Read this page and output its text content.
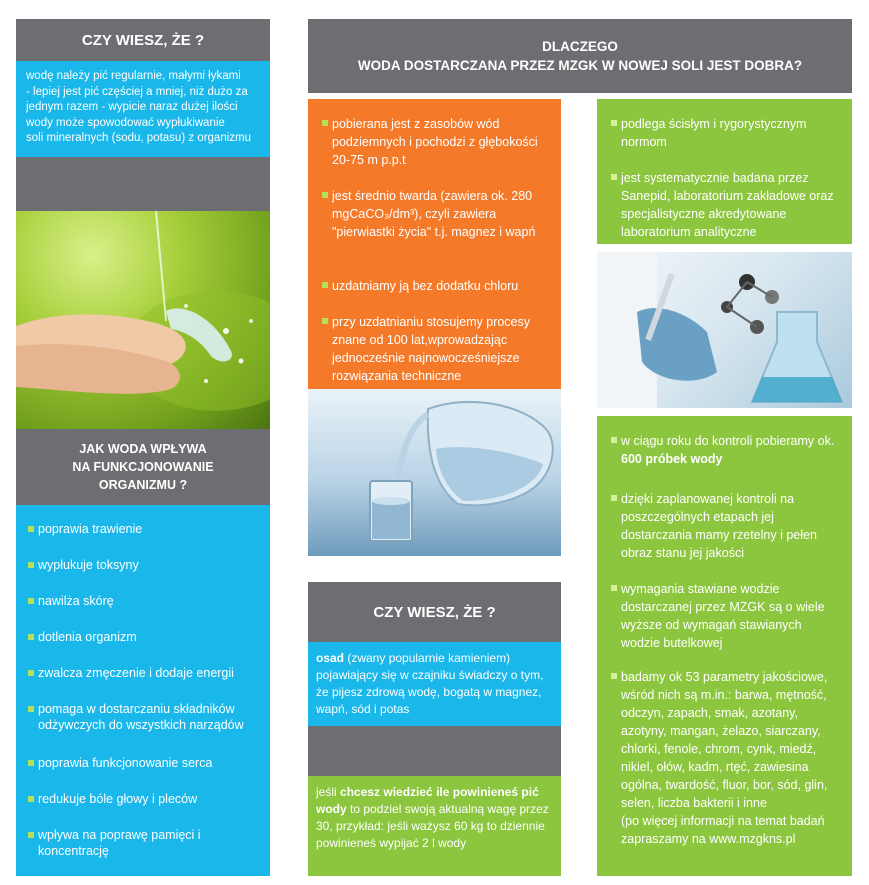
CZY WIESZ, ŻE ?
wodę należy pić regularnie, małymi łykami
- lepiej jest pić częściej a mniej, niż dużo za
jednym razem - wypicie naraz dużej ilości
wody może spowodować wypłukiwanie
soli mineralnych (sodu, potasu) z organizmu
JAK WODA WPŁYWA
NA FUNKCJONOWANIE
ORGANIZMU ?
poprawia trawienie
wypłukuje toksyny
nawilża skórę
dotlenia organizm
zwalcza zmęczenie i dodaje energii
pomaga w dostarczaniu składników odżywczych do wszystkich narządów
poprawia funkcjonowanie serca
redukuje bóle głowy i pleców
wpływa na poprawę pamięci i koncentrację
DLACZEGO
WODA DOSTARCZANA PRZEZ MZGK W NOWEJ SOLI JEST DOBRA?
pobierana jest z zasobów wód podziemnych i pochodzi z głębokości 20-75 m p.p.t
jest średnio twarda (zawiera ok. 280 mgCaCO₃/dm³), czyli zawiera "pierwiastki życia" t.j. magnez i wapń
uzdatniamy ją bez dodatku chloru
przy uzdatnianiu stosujemy procesy znane od 100 lat,wprowadzając jednocześnie najnowocześniejsze rozwiązania techniczne
podlega ścisłym i rygorystycznym normom
jest systematycznie badana przez Sanepid, laboratorium zakładowe oraz specjalistyczne akredytowane laboratorium analityczne
w ciągu roku do kontroli pobieramy ok. 600 próbek wody
dzięki zaplanowanej kontroli na poszczególnych etapach jej dostarczania mamy rzetelny i pełen obraz stanu jej jakości
wymagania stawiane wodzie dostarczanej przez MZGK są o wiele wyższe od wymagań stawianych wodzie butelkowej
badamy ok 53 parametry jakościowe, wśród nich są m.in.: barwa, mętność, odczyn, zapach, smak, azotany, azotyny, mangan, żelazo, siarczany, chlorki, fenole, chrom, cynk, miedź, nikiel, ołów, kadm, rtęć, zawiesina ogólna, twardość, fluor, bor, sód, glin, selen, liczba bakterii i inne
(po więcej informacji na temat badań zapraszamy na www.mzgkns.pl
CZY WIESZ, ŻE ?
osad (zwany popularnie kamieniem) pojawiający się w czajniku świadczy o tym, że pijesz zdrową wodę, bogatą w magnez, wapń, sód i potas
jeśli chcesz wiedzieć ile powinieneś pić wody to podziel swoją aktualną wagę przez 30, przykład: jeśli ważysz 60 kg to dziennie powinieneś wypijać 2 l wody
